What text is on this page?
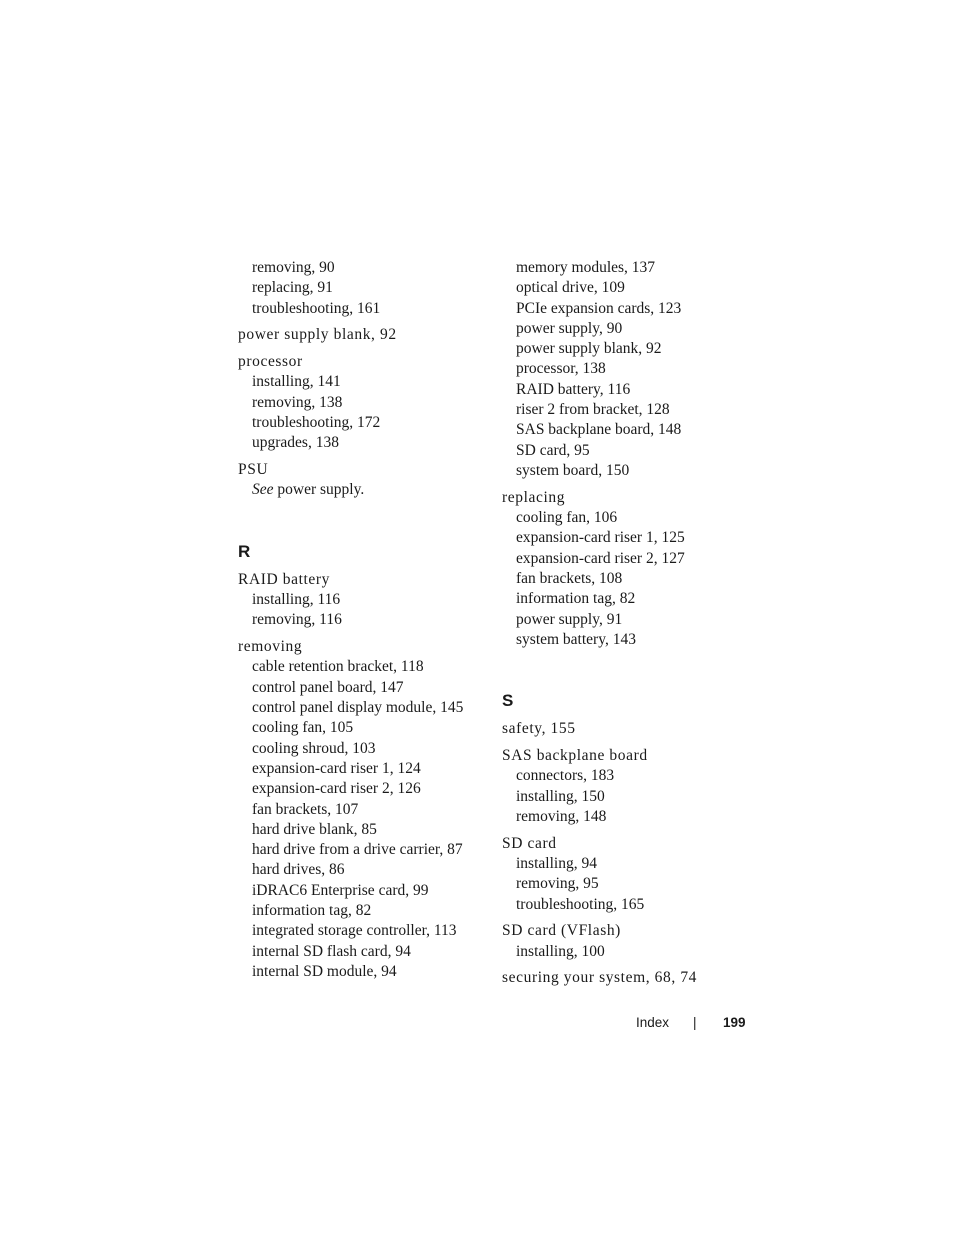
removing, 90
replacing, 91
troubleshooting, 161
power supply blank, 92
processor
installing, 141
removing, 138
troubleshooting, 172
upgrades, 138
PSU
See power supply.
R
RAID battery
installing, 116
removing, 116
removing
cable retention bracket, 118
control panel board, 147
control panel display module, 145
cooling fan, 105
cooling shroud, 103
expansion-card riser 1, 124
expansion-card riser 2, 126
fan brackets, 107
hard drive blank, 85
hard drive from a drive carrier, 87
hard drives, 86
iDRAC6 Enterprise card, 99
information tag, 82
integrated storage controller, 113
internal SD flash card, 94
internal SD module, 94
memory modules, 137
optical drive, 109
PCIe expansion cards, 123
power supply, 90
power supply blank, 92
processor, 138
RAID battery, 116
riser 2 from bracket, 128
SAS backplane board, 148
SD card, 95
system board, 150
replacing
cooling fan, 106
expansion-card riser 1, 125
expansion-card riser 2, 127
fan brackets, 108
information tag, 82
power supply, 91
system battery, 143
S
safety, 155
SAS backplane board
connectors, 183
installing, 150
removing, 148
SD card
installing, 94
removing, 95
troubleshooting, 165
SD card (VFlash)
installing, 100
securing your system, 68, 74
Index | 199
